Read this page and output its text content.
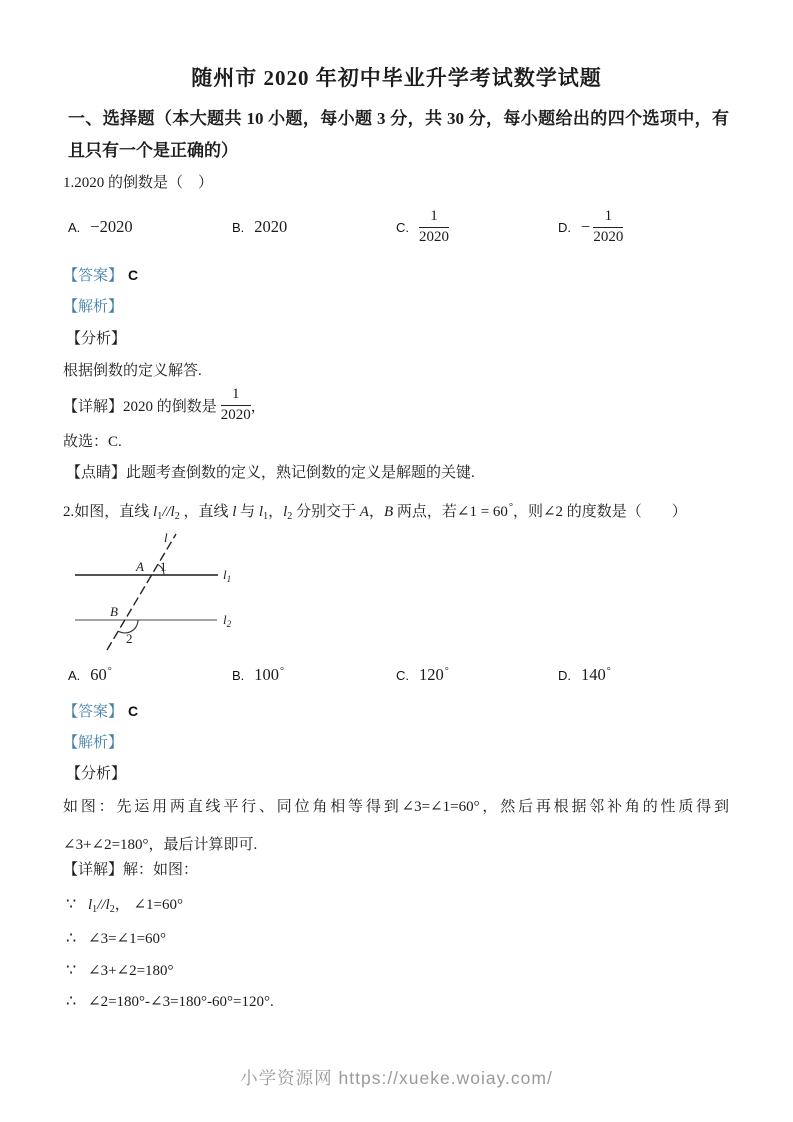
随州市 2020 年初中毕业升学考试数学试题
一、选择题（本大题共 10 小题，每小题 3 分，共 30 分，每小题给出的四个选项中，有且只有一个是正确的）
1.2020 的倒数是（　）
A. −2020	B. 2020	C. $\frac{1}{2020}$	D. − $\frac{1}{2020}$
【答案】 C
【解析】
【分析】
根据倒数的定义解答.
【详解】 2020 的倒数是 $\frac{1}{2020}$ ，
故选：C.
【点睛】此题考查倒数的定义，熟记倒数的定义是解题的关键.
2.如图，直线 $l_1//l_2$ ，直线 l 与 $l_1$，$l_2$ 分别交于 A，B 两点，若∠1 = 60°，则∠2 的度数是（　　）
l
$l_1$
$l_2$
A 1
B
2
A. 60°	B. 100°	C. 120°	D. 140°
【答案】 C
【解析】
【分析】
如图：先运用两直线平行、同位角相等得到∠3=∠1=60°，然后再根据邻补角的性质得到∠3+∠2=180°，最后计算即可.
【详解】解：如图：
∵ $l_1//l_2$， ∠1=60°
∴ ∠3=∠1=60°
∵ ∠3+∠2=180°
∴ ∠2=180°-∠3=180°-60°=120°.
小学资源网 https://xueke.woiay.com/
